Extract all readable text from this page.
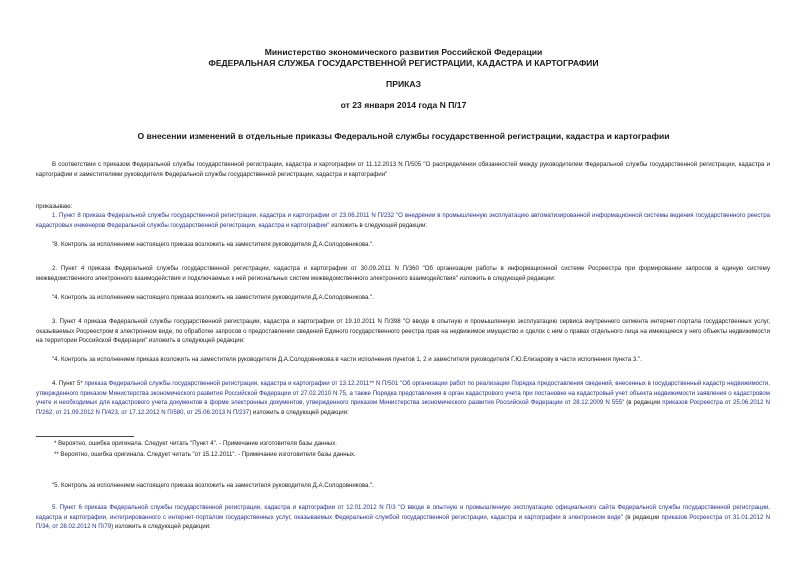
Министерство экономического развития Российской Федерации
ФЕДЕРАЛЬНАЯ СЛУЖБА ГОСУДАРСТВЕННОЙ РЕГИСТРАЦИИ, КАДАСТРА И КАРТОГРАФИИ
ПРИКАЗ
от 23 января 2014 года N П/17
О внесении изменений в отдельные приказы Федеральной службы государственной регистрации, кадастра и картографии
В соответствии с приказом Федеральной службы государственной регистрации, кадастра и картографии от 11.12.2013 N П/505 "О распределении обязанностей между руководителем Федеральной службы государственной регистрации, кадастра и картографии и заместителями руководителя Федеральной службы государственной регистрации, кадастра и картографии"
приказываю:
1. Пункт 8 приказа Федеральной службы государственной регистрации, кадастра и картографии от 23.06.2011 N П/232 "О внедрении в промышленную эксплуатацию автоматизированной информационной системы ведения государственного реестра кадастровых инженеров Федеральной службы государственной регистрации, кадастра и картографии" изложить в следующей редакции:
"8. Контроль за исполнением настоящего приказа возложить на заместителя руководителя Д.А.Солодовникова.".
2. Пункт 4 приказа Федеральной службы государственной регистрации, кадастра и картографии от 30.09.2011 N П/360 "Об организации работы в информационной системе Росреестра при формировании запросов в единую систему межведомственного электронного взаимодействия и подключаемых к ней региональных систем межведомственного электронного взаимодействия" изложить в следующей редакции:
"4. Контроль за исполнением настоящего приказа возложить на заместителя руководителя Д.А.Солодовникова.".
3. Пункт 4 приказа Федеральной службы государственной регистрации, кадастра и картографии от 19.10.2011 N П/398 "О вводе в опытную и промышленную эксплуатацию сервиса внутреннего сегмента интернет-портала государственных услуг, оказываемых Росреестром в электронном виде, по обработке запросов о предоставлении сведений Единого государственного реестра прав на недвижимое имущество и сделок с ним о правах отдельного лица на имеющиеся у него объекты недвижимости на территории Российской Федерации" изложить в следующей редакции:
"4. Контроль за исполнением приказа возложить на заместителя руководителя Д.А.Солодовникова в части исполнения пунктов 1, 2 и заместителя руководителя Г.Ю.Елизарову в части исполнения пункта 3.".
4. Пункт 5* приказа Федеральной службы государственной регистрации, кадастра и картографии от 13.12.2011** N П/501 "Об организации работ по реализации Порядка предоставления сведений, внесенных в государственный кадастр недвижимости, утвержденного приказом Министерства экономического развития Российской Федерации от 27.02.2010 N 75, а также Порядка представления в орган кадастрового учета при постановке на кадастровый учет объекта недвижимости заявления о кадастровом учете и необходимых для кадастрового учета документов в форме электронных документов, утвержденного приказом Министерства экономического развития Российской Федерации от 28.12.2009 N 555" (в редакции приказов Росреестра от 25.06.2012 N П/262, от 21.09.2012 N П/423, от 17.12.2012 N П/580, от 25.06.2013 N П/237) изложить в следующей редакции:
* Вероятно, ошибка оригинала. Следует читать "Пункт 4". - Примечание изготовителя базы данных.
** Вероятно, ошибка оригинала. Следует читать "от 15.12.2011". - Примечание изготовителя базы данных.
"5. Контроль за исполнением настоящего приказа возложить на заместителя руководителя Д.А.Солодовникова.".
5. Пункт 6 приказа Федеральной службы государственной регистрации, кадастра и картографии от 12.01.2012 N П/3 "О вводе в опытную и промышленную эксплуатацию официального сайта Федеральной службы государственной регистрации, кадастра и картографии, интегрированного с интернет-порталом государственных услуг, оказываемых Федеральной службой государственной регистрации, кадастра и картографии в электронном виде" (в редакции приказов Росреестра от 31.01.2012 N П/34, от 28.02.2012 N П/79) изложить в следующей редакции:
